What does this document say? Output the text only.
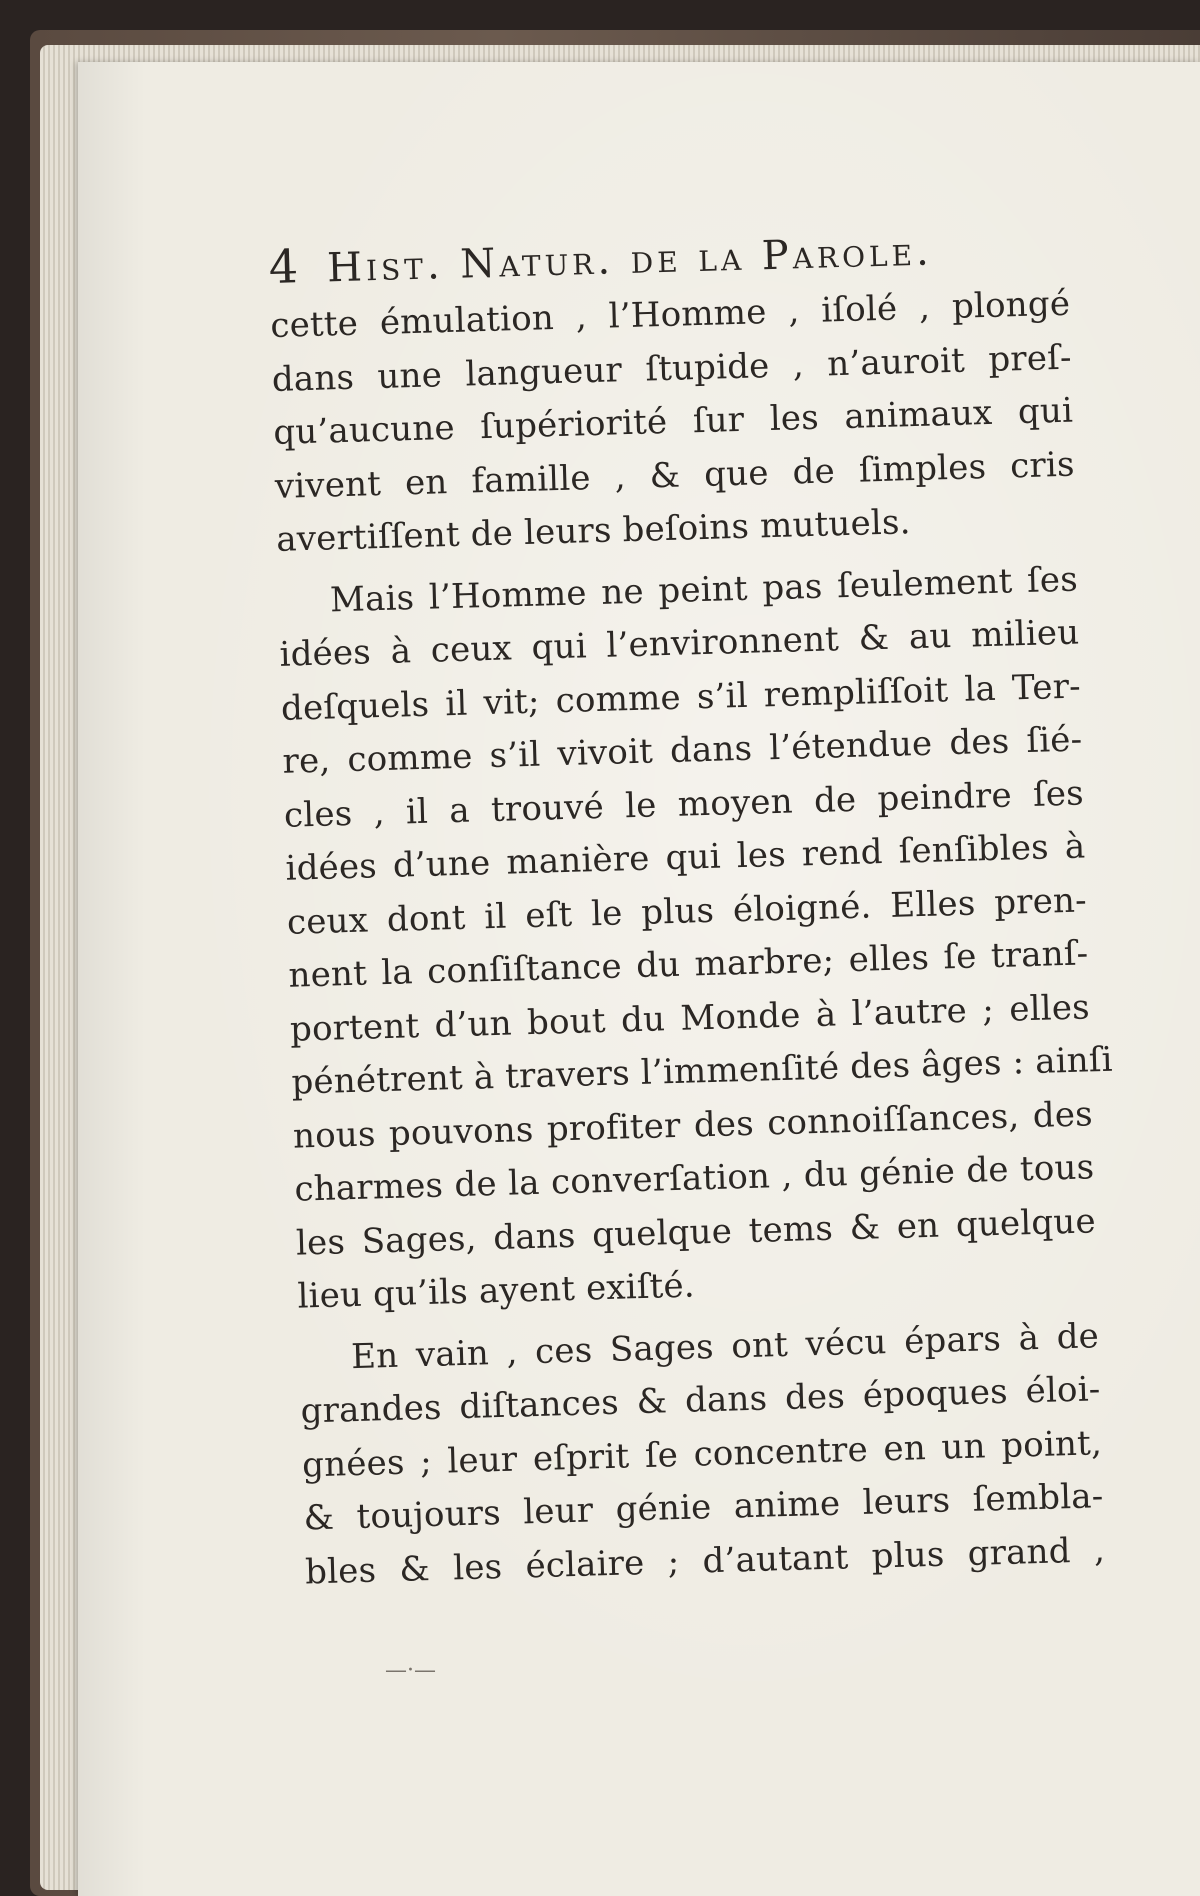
4 Hist. Natur. de la Parole.
cette émulation , l’Homme , iſolé , plongé
dans une langueur ſtupide , n’auroit preſ-
qu’aucune ſupériorité ſur les animaux qui
vivent en famille , & que de ſimples cris
avertiſſent de leurs beſoins mutuels.
Mais l’Homme ne peint pas ſeulement ſes
idées à ceux qui l’environnent & au milieu
deſquels il vit; comme s’il rempliſſoit la Ter-
re, comme s’il vivoit dans l’étendue des ſié-
cles , il a trouvé le moyen de peindre ſes
idées d’une manière qui les rend ſenſibles à
ceux dont il eſt le plus éloigné. Elles pren-
nent la conſiſtance du marbre; elles ſe tranſ-
portent d’un bout du Monde à l’autre ; elles
pénétrent à travers l’immenſité des âges : ainſi
nous pouvons profiter des connoiſſances, des
charmes de la converſation , du génie de tous
les Sages, dans quelque tems & en quelque
lieu qu’ils ayent exiſté.
En vain , ces Sages ont vécu épars à de
grandes diſtances & dans des époques éloi-
gnées ; leur eſprit ſe concentre en un point,
& toujours leur génie anime leurs ſembla-
bles & les éclaire ; d’autant plus grand ,
—·—
